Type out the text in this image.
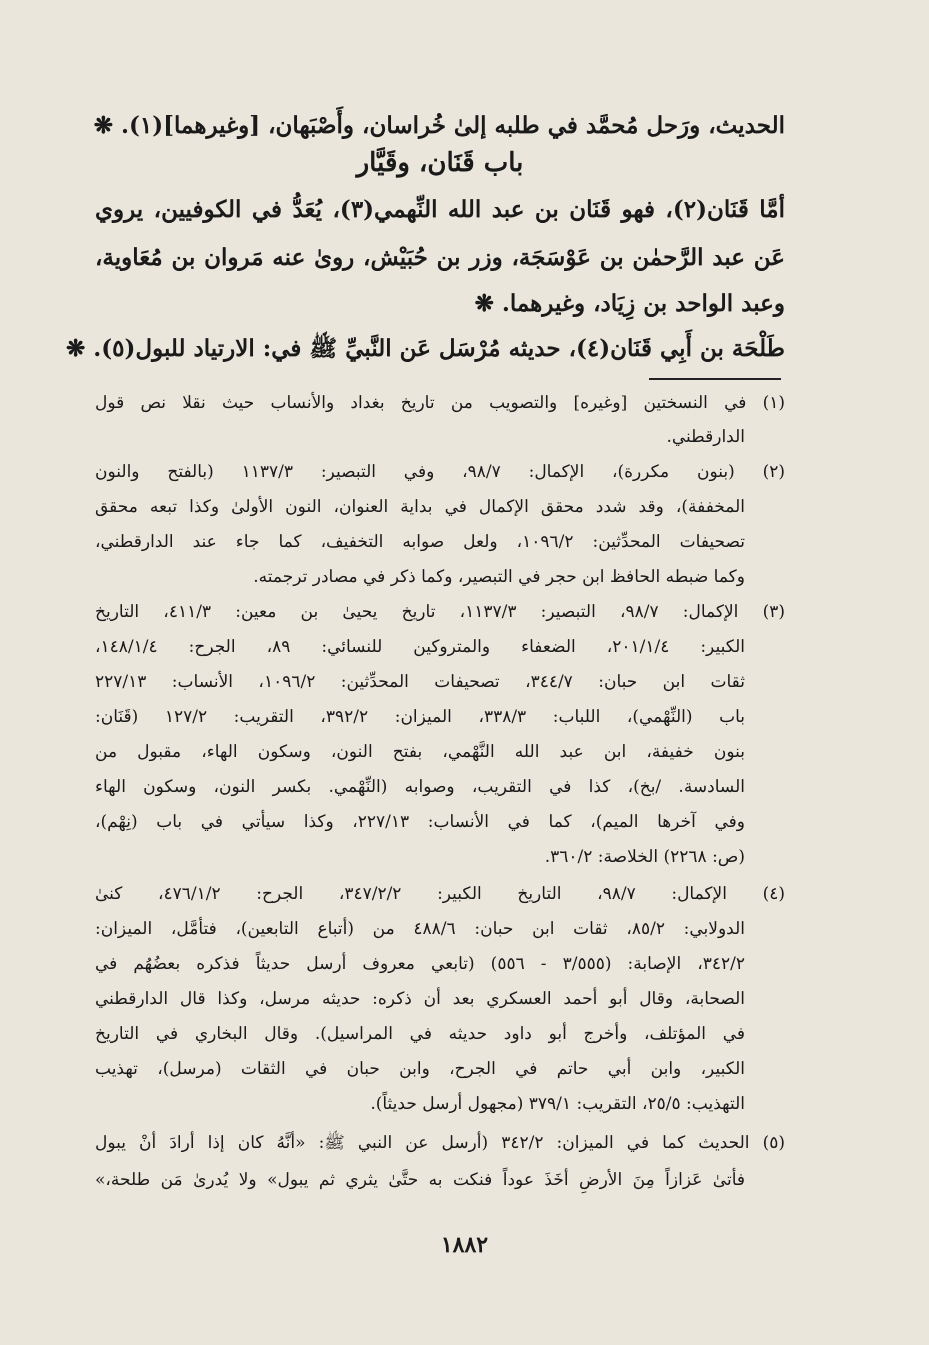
الحديث، ورَحل مُحمَّد في طلبه إلىٰ خُراسان، وأَصْبَهان، [وغيرهما](١). ❋
باب قَنَان، وقَيَّار
أمَّا قَنَان(٢)، فهو قَنَان بن عبد الله النِّهمي(٣)، يُعَدُّ في الكوفيين، يروي
عَن عبد الرَّحمٰن بن عَوْسَجَة، وزر بن حُبَيْش، روىٰ عنه مَروان بن مُعَاوية،
وعبد الواحد بن زِيَاد، وغيرهما. ❋
طَلْحَة بن أَبِي قَنَان(٤)، حديثه مُرْسَل عَن النَّبيِّ ﷺ في: الارتياد للبول(٥). ❋
(١) في النسختين [وغيره] والتصويب من تاريخ بغداد والأنساب حيث نقلا نص قول
الدارقطني.
(٢) (بنون مكررة)، الإكمال: ٩٨/٧، وفي التبصير: ١١٣٧/٣ (بالفتح والنون
المخففة)، وقد شدد محقق الإكمال في بداية العنوان، النون الأولىٰ وكذا تبعه محقق
تصحيفات المحدِّثين: ١٠٩٦/٢، ولعل صوابه التخفيف، كما جاء عند الدارقطني،
وكما ضبطه الحافظ ابن حجر في التبصير، وكما ذكر في مصادر ترجمته.
(٣) الإكمال: ٩٨/٧، التبصير: ١١٣٧/٣، تاريخ يحيىٰ بن معين: ٤١١/٣، التاريخ
الكبير: ٢٠١/١/٤، الضعفاء والمتروكين للنسائي: ٨٩، الجرح: ١٤٨/١/٤،
ثقات ابن حبان: ٣٤٤/٧، تصحيفات المحدِّثين: ١٠٩٦/٢، الأنساب: ٢٢٧/١٣
باب (النِّهْمي)، اللباب: ٣٣٨/٣، الميزان: ٣٩٢/٢، التقريب: ١٢٧/٢ (قَنَان:
بنون خفيفة، ابن عبد الله النَّهْمي، بفتح النون، وسكون الهاء، مقبول من
السادسة. /بخ)، كذا في التقريب، وصوابه (النِّهْمي. بكسر النون، وسكون الهاء
وفي آخرها الميم)، كما في الأنساب: ٢٢٧/١٣، وكذا سيأتي في باب (نِهْم)،
(ص: ٢٢٦٨) الخلاصة: ٣٦٠/٢.
(٤) الإكمال: ٩٨/٧، التاريخ الكبير: ٣٤٧/٢/٢، الجرح: ٤٧٦/١/٢، كنىٰ
الدولابي: ٨٥/٢، ثقات ابن حبان: ٤٨٨/٦ من (أتباع التابعين)، فتأمَّل، الميزان:
٣٤٢/٢، الإصابة: (٣/٥٥٥ - ٥٥٦) (تابعي معروف أرسل حديثاً فذكره بعضُهُم في
الصحابة، وقال أبو أحمد العسكري بعد أن ذكره: حديثه مرسل، وكذا قال الدارقطني
في المؤتلف، وأخرج أبو داود حديثه في المراسيل). وقال البخاري في التاريخ
الكبير، وابن أبي حاتم في الجرح، وابن حبان في الثقات (مرسل)، تهذيب
التهذيب: ٢٥/٥، التقريب: ٣٧٩/١ (مجهول أرسل حديثاً).
(٥) الحديث كما في الميزان: ٣٤٢/٢ (أرسل عن النبي ﷺ: «أنَّهُ كان إذا أرادَ أنْ يبول
فأتىٰ عَزازاً مِنَ الأرضِ أخَذَ عوداً فنكت به حتَّىٰ يثري ثم يبول» ولا يُدرىٰ مَن طلحة،»
١٨٨٢
